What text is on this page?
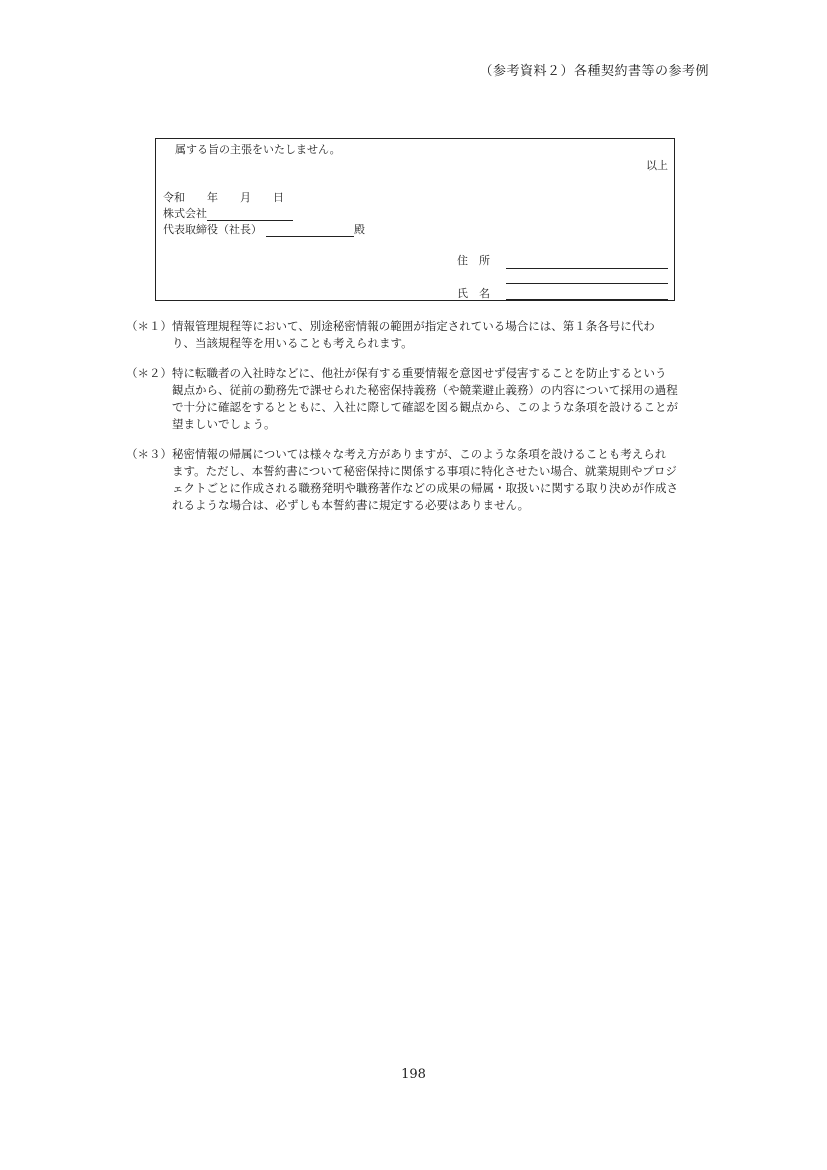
（参考資料２）各種契約書等の参考例
属する旨の主張をいたしません。
以上
令和　　年　　月　　日
株式会社
代表取締役（社長）	殿
住　所
氏　名
（＊１） 情報管理規程等において、別途秘密情報の範囲が指定されている場合には、第１条各号に代わ
り、当該規程等を用いることも考えられます。
（＊２） 特に転職者の入社時などに、他社が保有する重要情報を意図せず侵害することを防止するという
観点から、従前の勤務先で課せられた秘密保持義務（や競業避止義務）の内容について採用の過程
で十分に確認をするとともに、入社に際して確認を図る観点から、このような条項を設けることが
望ましいでしょう。
（＊３） 秘密情報の帰属については様々な考え方がありますが、このような条項を設けることも考えられ
ます。ただし、本誓約書について秘密保持に関係する事項に特化させたい場合、就業規則やプロジ
ェクトごとに作成される職務発明や職務著作などの成果の帰属・取扱いに関する取り決めが作成さ
れるような場合は、必ずしも本誓約書に規定する必要はありません。
198
